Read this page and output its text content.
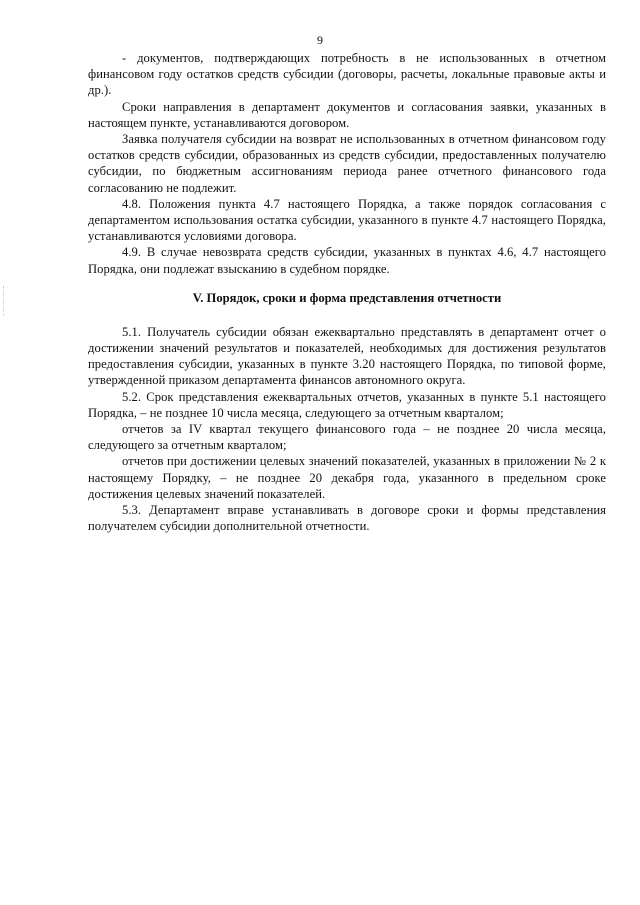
9

- документов, подтверждающих потребность в не использованных в отчетном финансовом году остатков средств субсидии (договоры, расчеты, локальные правовые акты и др.).

Сроки направления в департамент документов и согласования заявки, указанных в настоящем пункте, устанавливаются договором.

Заявка получателя субсидии на возврат не использованных в отчетном финансовом году остатков средств субсидии, образованных из средств субсидии, предоставленных получателю субсидии, по бюджетным ассигнованиям периода ранее отчетного финансового года согласованию не подлежит.

4.8. Положения пункта 4.7 настоящего Порядка, а также порядок согласования с департаментом использования остатка субсидии, указанного в пункте 4.7 настоящего Порядка, устанавливаются условиями договора.

4.9. В случае невозврата средств субсидии, указанных в пунктах 4.6, 4.7 настоящего Порядка, они подлежат взысканию в судебном порядке.

V. Порядок, сроки и форма представления отчетности

5.1. Получатель субсидии обязан ежеквартально представлять в департамент отчет о достижении значений результатов и показателей, необходимых для достижения результатов предоставления субсидии, указанных в пункте 3.20 настоящего Порядка, по типовой форме, утвержденной приказом департамента финансов автономного округа.

5.2. Срок представления ежеквартальных отчетов, указанных в пункте 5.1 настоящего Порядка, – не позднее 10 числа месяца, следующего за отчетным кварталом;

отчетов за IV квартал текущего финансового года – не позднее 20 числа месяца, следующего за отчетным кварталом;

отчетов при достижении целевых значений показателей, указанных в приложении № 2 к настоящему Порядку, – не позднее 20 декабря года, указанного в предельном сроке достижения целевых значений показателей.

5.3. Департамент вправе устанавливать в договоре сроки и формы представления получателем субсидии дополнительной отчетности.
